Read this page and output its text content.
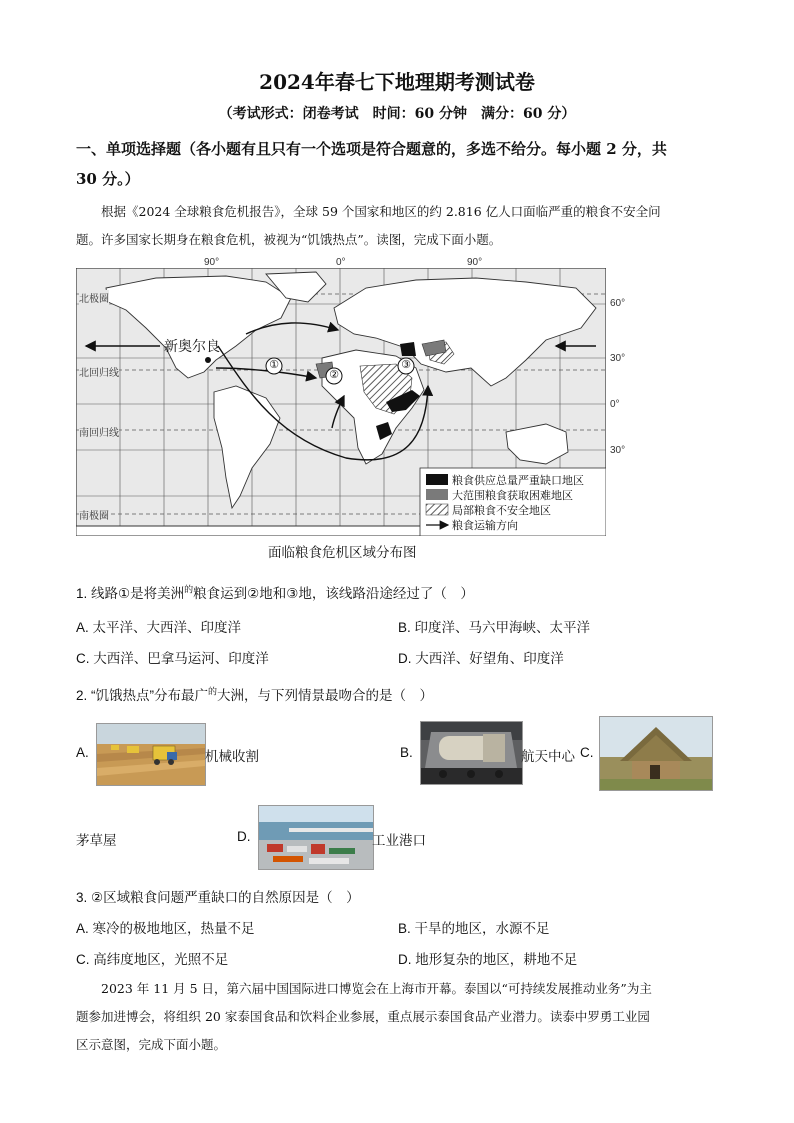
2024年春七下地理期考测试卷
（考试形式：闭卷考试　时间：60 分钟　满分：60 分）
一、单项选择题（各小题有且只有一个选项是符合题意的，多选不给分。每小题 2 分，共
30 分。）
根据《2024 全球粮食危机报告》，全球 59 个国家和地区的约 2.816 亿人口面临严重的粮食不安全问
题。许多国家长期身在粮食危机，被视为“饥饿热点”。读图，完成下面小题。
90°	0°	90°
60°
30°
0°
30°
北极圈
北回归线
南回归线
南极圈
新奥尔良
①
②
③
粮食供应总量严重缺口地区
大范围粮食获取困难地区
局部粮食不安全地区
粮食运输方向
面临粮食危机区域分布图
1. 线路①是将美洲$^的$粮食运到②地和③地，该线路沿途经过了（　）
A. 太平洋、大西洋、印度洋	B. 印度洋、马六甲海峡、太平洋
C. 大西洋、巴拿马运河、印度洋	D. 大西洋、好望角、印度洋
2. “饥饿热点”分布最广$^的$大洲，与下列情景最吻合的是（　）
A.	机械收割	B.	航天中心 C.
茅草屋	D.	工业港口
3. ②区域粮食问题严重缺口的自然原因是（　）
A. 寒冷的极地地区，热量不足	B. 干旱的地区，水源不足
C. 高纬度地区，光照不足	D. 地形复杂的地区，耕地不足
2023 年 11 月 5 日，第六届中国国际进口博览会在上海市开幕。泰国以“可持续发展推动业务”为主
题参加进博会，将组织 20 家泰国食品和饮料企业参展，重点展示泰国食品产业潜力。读泰中罗勇工业园
区示意图，完成下面小题。
